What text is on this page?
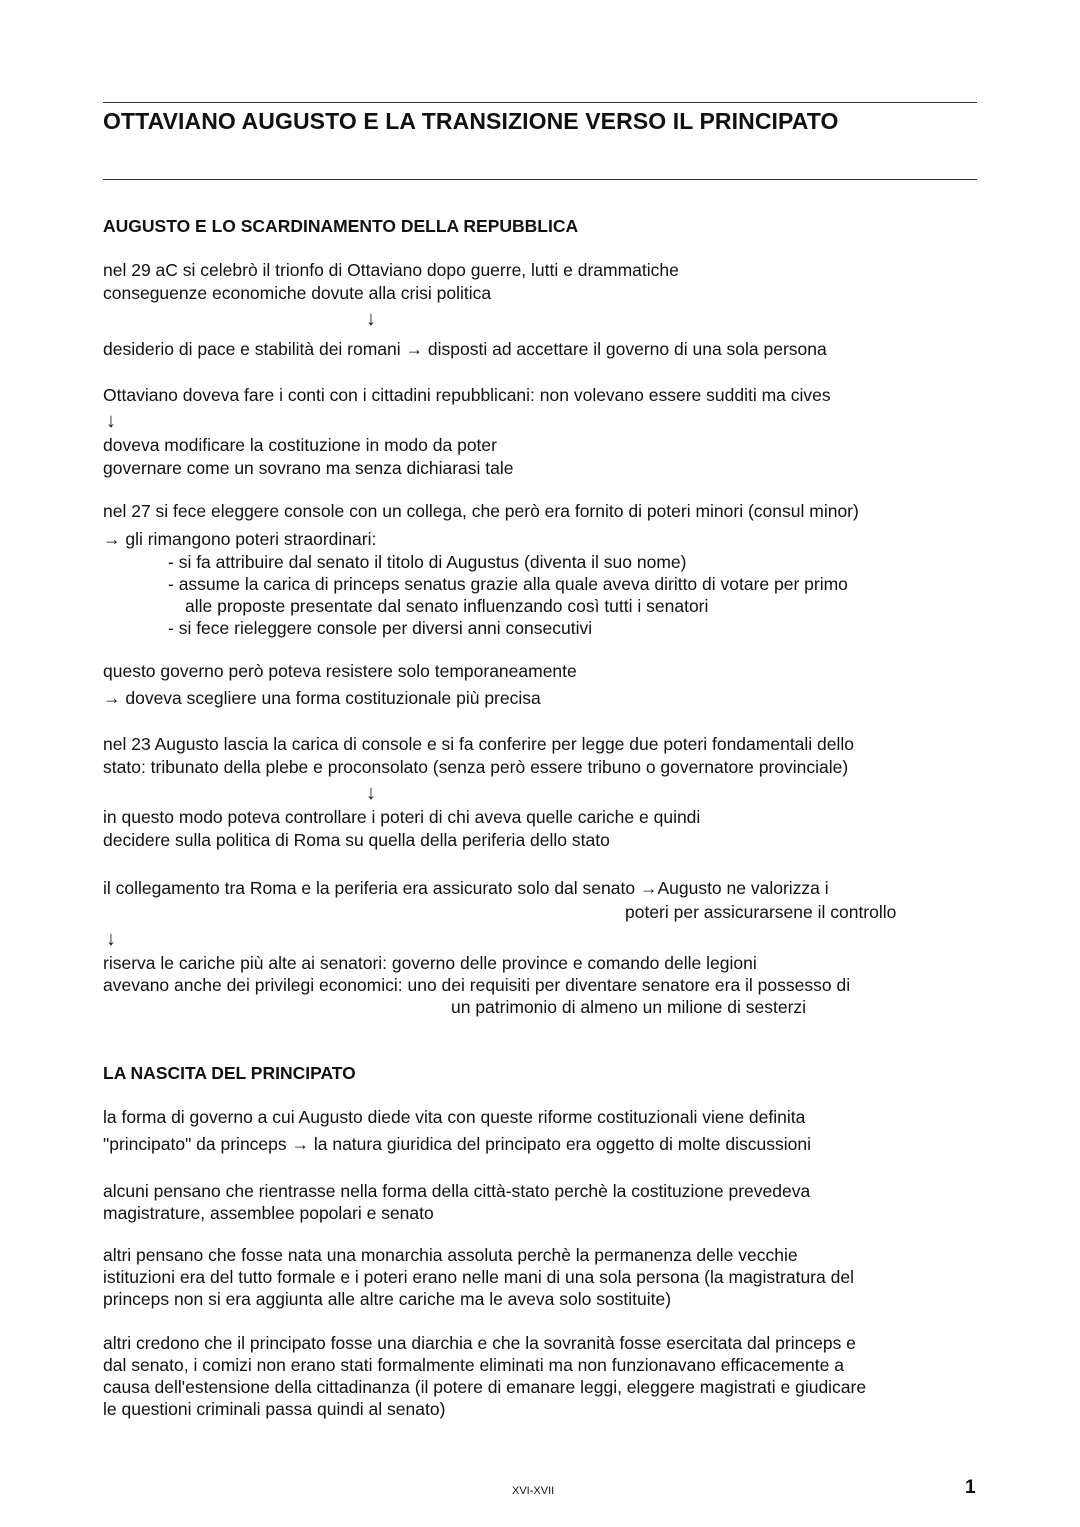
OTTAVIANO AUGUSTO E LA TRANSIZIONE VERSO IL PRINCIPATO
AUGUSTO E LO SCARDINAMENTO DELLA REPUBBLICA
nel 29 aC si celebrò il trionfo di Ottaviano dopo guerre, lutti e drammatiche
conseguenze economiche dovute alla crisi politica
↓
desiderio di pace e stabilità dei romani → disposti ad accettare il governo di una sola persona
Ottaviano doveva fare i conti con i cittadini repubblicani: non volevano essere sudditi ma cives
↓
doveva modificare la costituzione in modo da poter
governare come un sovrano ma senza dichiarasi tale
nel 27 si fece eleggere console con un collega, che però era fornito di poteri minori (consul minor)
→ gli rimangono poteri straordinari:
- si fa attribuire dal senato il titolo di Augustus (diventa il suo nome)
- assume la carica di princeps senatus grazie alla quale aveva diritto di votare per primo
alle proposte presentate dal senato influenzando così tutti i senatori
- si fece rieleggere console per diversi anni consecutivi
questo governo però poteva resistere solo temporaneamente
→ doveva scegliere una forma costituzionale più precisa
nel 23 Augusto lascia la carica di console e si fa conferire per legge due poteri fondamentali dello
stato: tribunato della plebe e proconsolato (senza però essere tribuno o governatore provinciale)
↓
in questo modo poteva controllare i poteri di chi aveva quelle cariche e quindi
decidere sulla politica di Roma su quella della periferia dello stato
il collegamento tra Roma e la periferia era assicurato solo dal senato →Augusto ne valorizza i
poteri per assicurarsene il controllo
↓
riserva le cariche più alte ai senatori: governo delle province e comando delle legioni
avevano anche dei privilegi economici: uno dei requisiti per diventare senatore era il possesso di
un patrimonio di almeno un milione di sesterzi
LA NASCITA DEL PRINCIPATO
la forma di governo a cui Augusto diede vita con queste riforme costituzionali viene definita
"principato" da princeps → la natura giuridica del principato era oggetto di molte discussioni
alcuni pensano che rientrasse nella forma della città-stato perchè la costituzione prevedeva
magistrature, assemblee popolari e senato
altri pensano che fosse nata una monarchia assoluta perchè la permanenza delle vecchie
istituzioni era del tutto formale e i poteri erano nelle mani di una sola persona (la magistratura del
princeps non si era aggiunta alle altre cariche ma le aveva solo sostituite)
altri credono che il principato fosse una diarchia e che la sovranità fosse esercitata dal princeps e
dal senato, i comizi non erano stati formalmente eliminati ma non funzionavano efficacemente a
causa dell'estensione della cittadinanza (il potere di emanare leggi, eleggere magistrati e giudicare
le questioni criminali passa quindi al senato)
XVI-XVII	1
